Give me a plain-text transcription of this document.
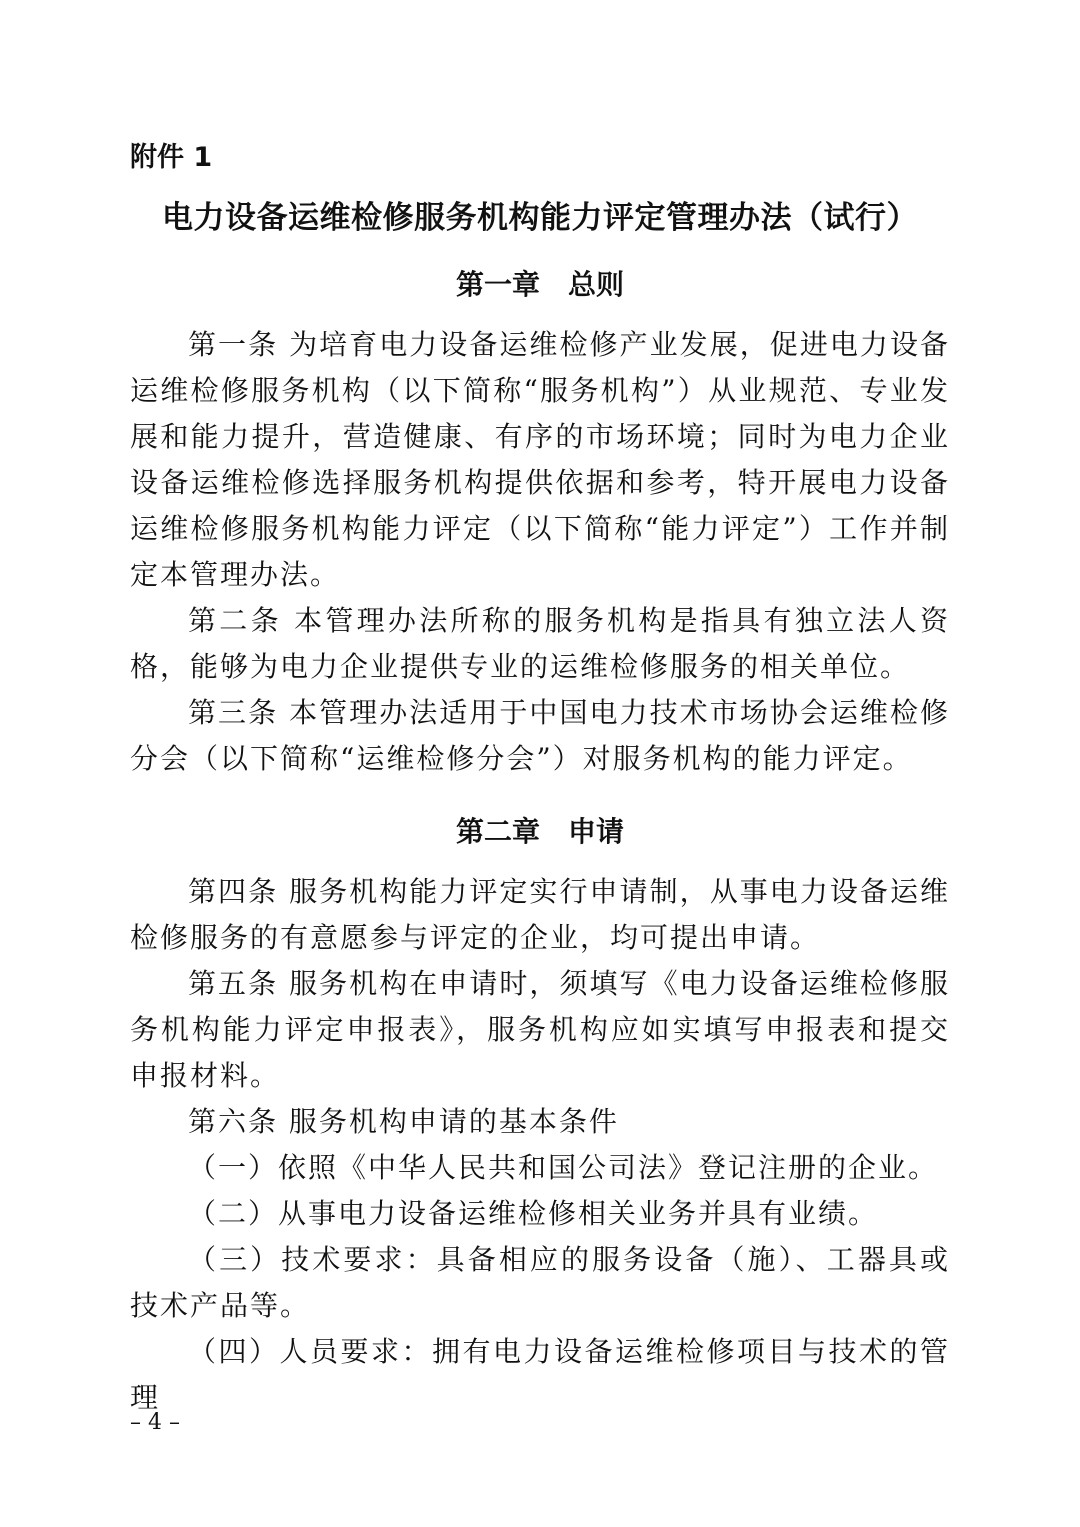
附件 1
电力设备运维检修服务机构能力评定管理办法（试行）
第一章　总则

第一条 为培育电力设备运维检修产业发展，促进电力设备运维检修服务机构（以下简称“服务机构”）从业规范、专业发展和能力提升，营造健康、有序的市场环境；同时为电力企业设备运维检修选择服务机构提供依据和参考，特开展电力设备运维检修服务机构能力评定（以下简称“能力评定”）工作并制定本管理办法。

第二条 本管理办法所称的服务机构是指具有独立法人资格，能够为电力企业提供专业的运维检修服务的相关单位。

第三条 本管理办法适用于中国电力技术市场协会运维检修分会（以下简称“运维检修分会”）对服务机构的能力评定。

第二章　申请

第四条 服务机构能力评定实行申请制，从事电力设备运维检修服务的有意愿参与评定的企业，均可提出申请。

第五条 服务机构在申请时，须填写《电力设备运维检修服务机构能力评定申报表》，服务机构应如实填写申报表和提交申报材料。

第六条 服务机构申请的基本条件

（一）依照《中华人民共和国公司法》登记注册的企业。

（二）从事电力设备运维检修相关业务并具有业绩。

（三）技术要求：具备相应的服务设备（施）、工器具或技术产品等。

（四）人员要求：拥有电力设备运维检修项目与技术的管理

– 4 –
